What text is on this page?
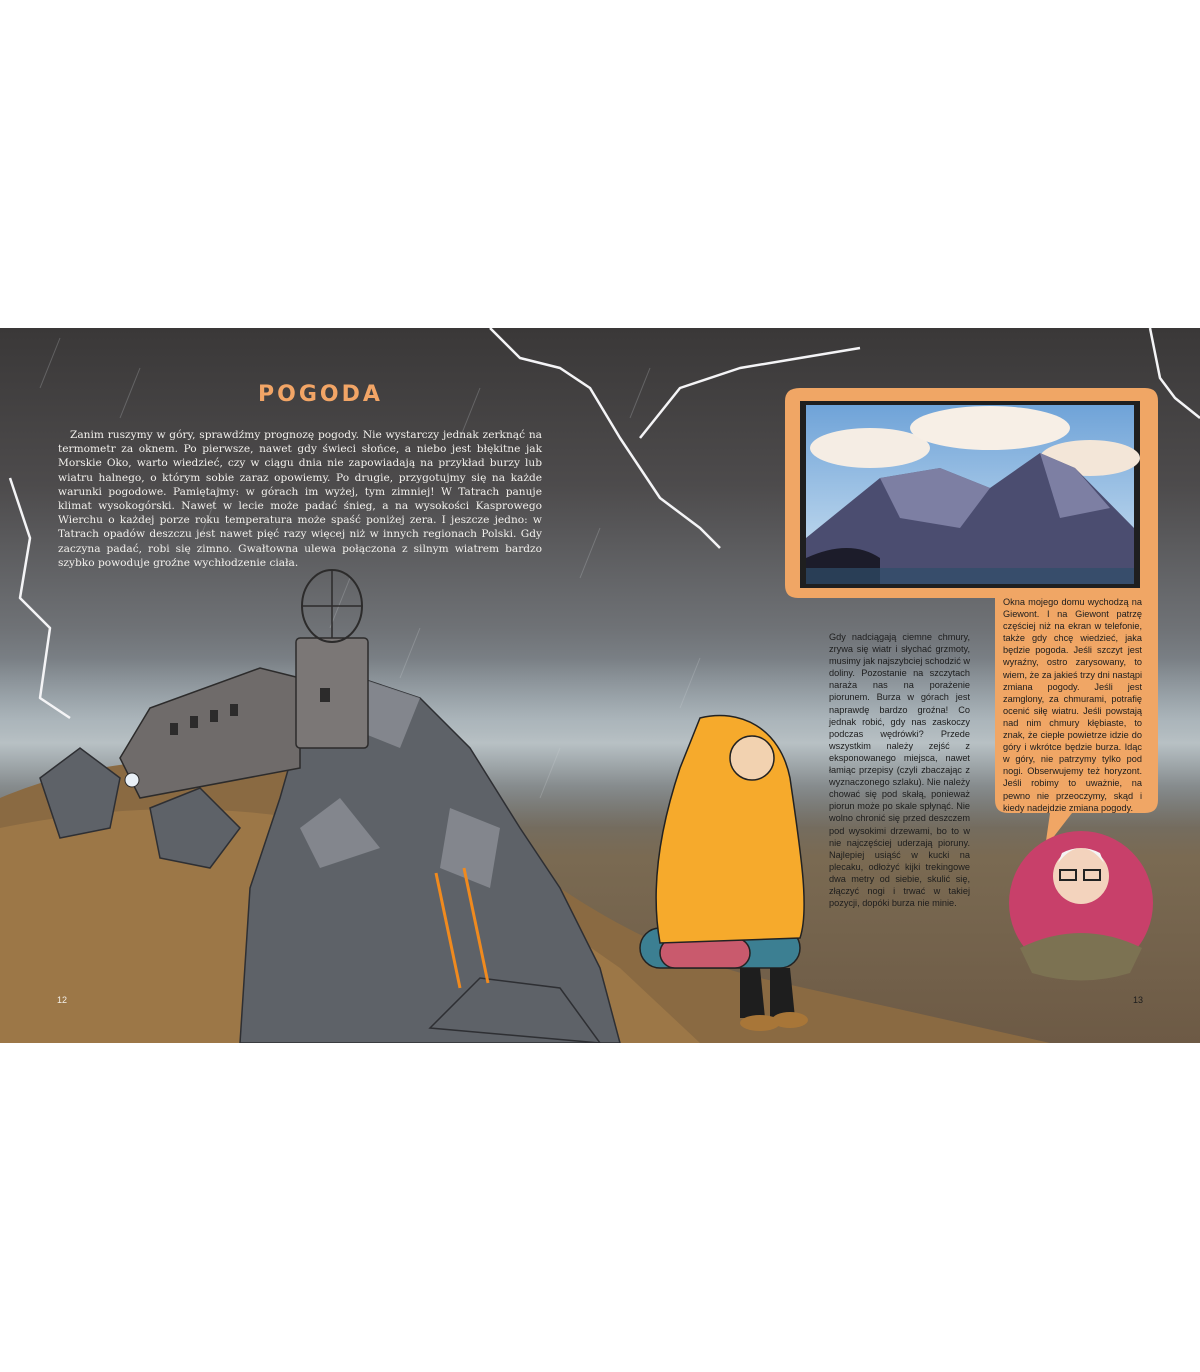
POGODA

Zanim ruszymy w góry, sprawdźmy prognozę pogody. Nie wystarczy jednak zerknąć na termometr za oknem. Po pierwsze, nawet gdy świeci słońce, a niebo jest błękitne jak Morskie Oko, warto wiedzieć, czy w ciągu dnia nie zapowiadają na przykład burzy lub wiatru halnego, o którym sobie zaraz opowiemy. Po drugie, przygotujmy się na każde warunki pogodowe. Pamiętajmy: w górach im wyżej, tym zimniej! W Tatrach panuje klimat wysokogórski. Nawet w lecie może padać śnieg, a na wysokości Kasprowego Wierchu o każdej porze roku temperatura może spaść poniżej zera. I jeszcze jedno: w Tatrach opadów deszczu jest nawet pięć razy więcej niż w innych regionach Polski. Gdy zaczyna padać, robi się zimno. Gwałtowna ulewa połączona z silnym wiatrem bardzo szybko powoduje groźne wychłodzenie ciała.

Gdy nadciągają ciemne chmury, zrywa się wiatr i słychać grzmoty, musimy jak najszybciej schodzić w doliny. Pozostanie na szczytach naraża nas na porażenie piorunem. Burza w górach jest naprawdę bardzo groźna! Co jednak robić, gdy nas zaskoczy podczas wędrówki? Przede wszystkim należy zejść z eksponowanego miejsca, nawet łamiąc przepisy (czyli zbaczając z wyznaczonego szlaku). Nie należy chować się pod skałą, ponieważ piorun może po skale spłynąć. Nie wolno chronić się przed deszczem pod wysokimi drzewami, bo to w nie najczęściej uderzają pioruny. Najlepiej usiąść w kucki na plecaku, odłożyć kijki trekingowe dwa metry od siebie, skulić się, złączyć nogi i trwać w takiej pozycji, dopóki burza nie minie.

Okna mojego domu wychodzą na Giewont. I na Giewont patrzę częściej niż na ekran w telefonie, także gdy chcę wiedzieć, jaka będzie pogoda. Jeśli szczyt jest wyraźny, ostro zarysowany, to wiem, że za jakieś trzy dni nastąpi zmiana pogody. Jeśli jest zamglony, za chmurami, potrafię ocenić siłę wiatru. Jeśli powstają nad nim chmury kłębiaste, to znak, że ciepłe powietrze idzie do góry i wkrótce będzie burza. Idąc w góry, nie patrzymy tylko pod nogi. Obserwujemy też horyzont. Jeśli robimy to uważnie, na pewno nie przeoczymy, skąd i kiedy nadejdzie zmiana pogody.

12	13
